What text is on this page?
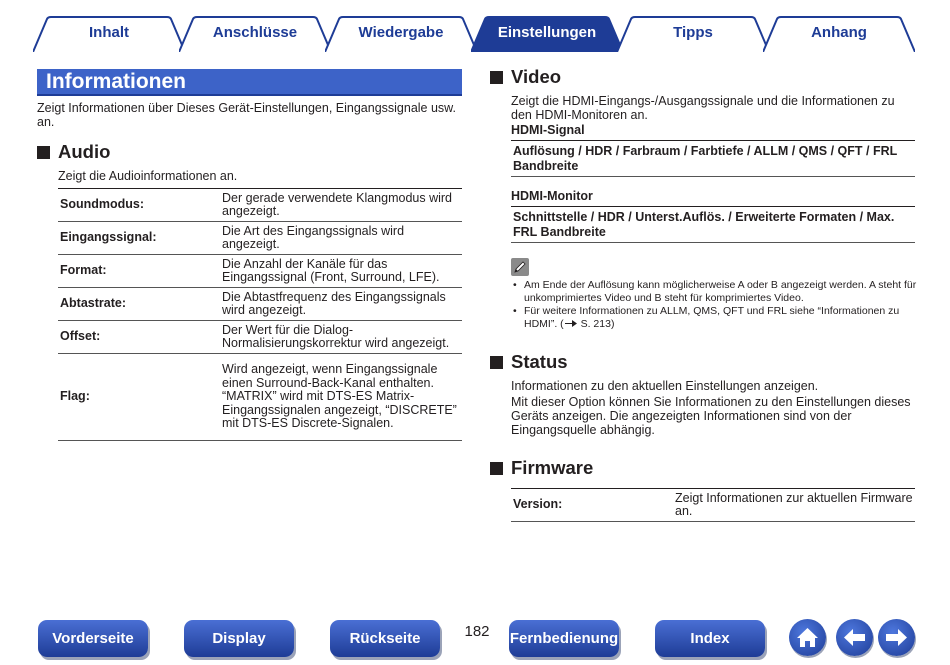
Inhalt	Anschlüsse	Wiedergabe	Einstellungen	Tipps	Anhang
Informationen
Zeigt Informationen über Dieses Gerät-Einstellungen, Eingangssignale usw. an.
Audio
Zeigt die Audioinformationen an.
Soundmodus:	Der gerade verwendete Klangmodus wird angezeigt.
Eingangssignal:	Die Art des Eingangssignals wird angezeigt.
Format:	Die Anzahl der Kanäle für das Eingangssignal (Front, Surround, LFE).
Abtastrate:	Die Abtastfrequenz des Eingangssignals wird angezeigt.
Offset:	Der Wert für die Dialog-Normalisierungskorrektur wird angezeigt.
Flag:	Wird angezeigt, wenn Eingangssignale einen Surround-Back-Kanal enthalten. “MATRIX” wird mit DTS-ES Matrix-Eingangssignalen angezeigt, “DISCRETE” mit DTS-ES Discrete-Signalen.
Video
Zeigt die HDMI-Eingangs-/Ausgangssignale und die Informationen zu den HDMI-Monitoren an.
HDMI-Signal
Auflösung / HDR / Farbraum / Farbtiefe / ALLM / QMS / QFT / FRL Bandbreite
HDMI-Monitor
Schnittstelle / HDR / Unterst.Auflös. / Erweiterte Formaten / Max. FRL Bandbreite
• Am Ende der Auflösung kann möglicherweise A oder B angezeigt werden. A steht für unkomprimiertes Video und B steht für komprimiertes Video.
• Für weitere Informationen zu ALLM, QMS, QFT und FRL siehe “Informationen zu HDMI”. ( S. 213)
Status
Informationen zu den aktuellen Einstellungen anzeigen.
Mit dieser Option können Sie Informationen zu den Einstellungen dieses Geräts anzeigen. Die angezeigten Informationen sind von der Eingangsquelle abhängig.
Firmware
Version:	Zeigt Informationen zur aktuellen Firmware an.
Vorderseite	Display	Rückseite	182	Fernbedienung	Index
